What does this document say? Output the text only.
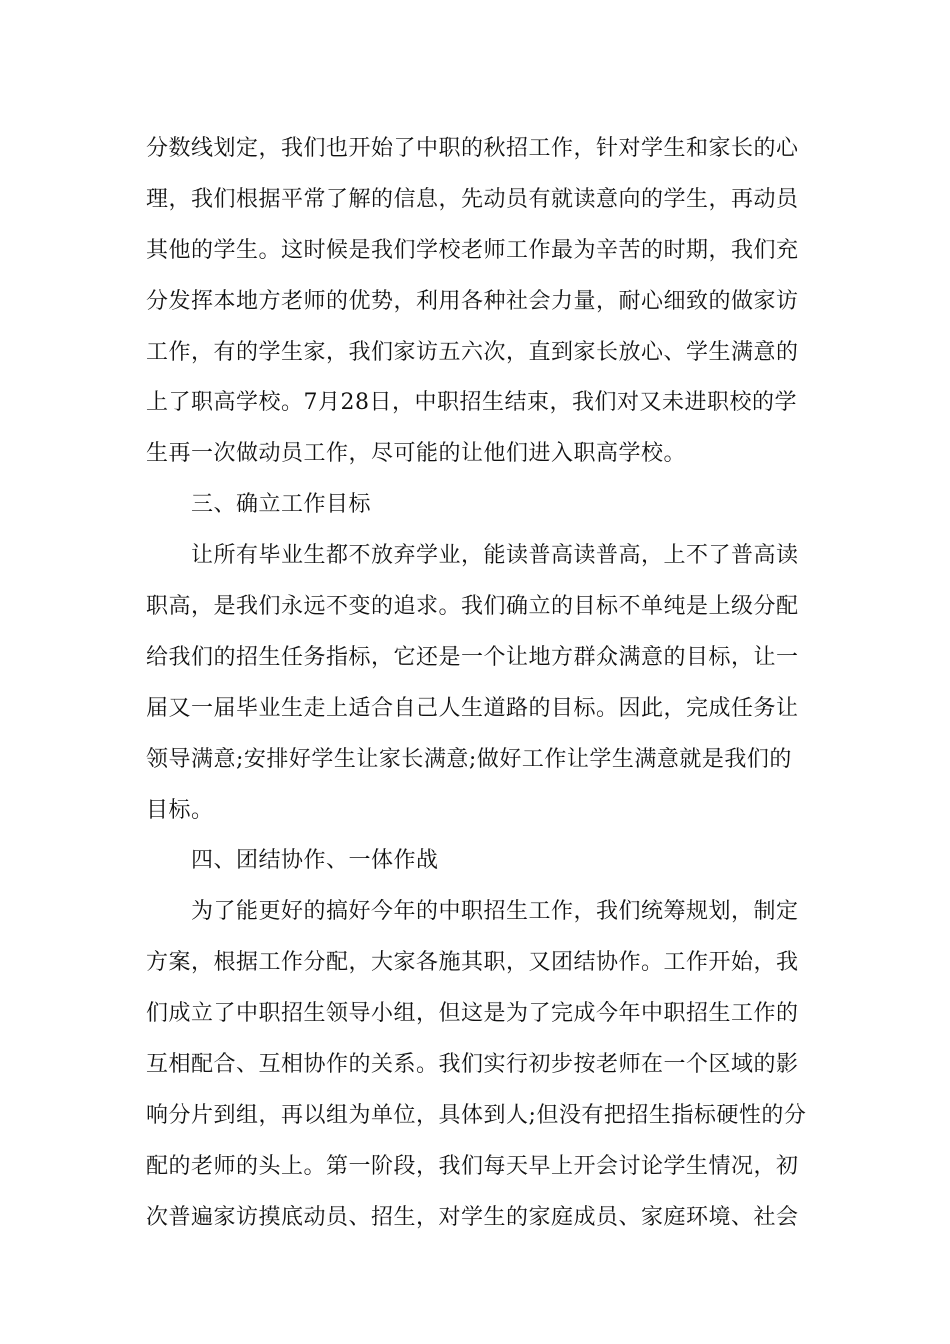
分数线划定，我们也开始了中职的秋招工作，针对学生和家长的心
理，我们根据平常了解的信息，先动员有就读意向的学生，再动员
其他的学生。这时候是我们学校老师工作最为辛苦的时期，我们充
分发挥本地方老师的优势，利用各种社会力量，耐心细致的做家访
工作，有的学生家，我们家访五六次，直到家长放心、学生满意的
上了职高学校。7月28日，中职招生结束，我们对又未进职校的学
生再一次做动员工作，尽可能的让他们进入职高学校。
三、确立工作目标
让所有毕业生都不放弃学业，能读普高读普高，上不了普高读
职高，是我们永远不变的追求。我们确立的目标不单纯是上级分配
给我们的招生任务指标，它还是一个让地方群众满意的目标，让一
届又一届毕业生走上适合自己人生道路的目标。因此，完成任务让
领导满意;安排好学生让家长满意;做好工作让学生满意就是我们的
目标。
四、团结协作、一体作战
为了能更好的搞好今年的中职招生工作，我们统筹规划，制定
方案，根据工作分配，大家各施其职，又团结协作。工作开始，我
们成立了中职招生领导小组，但这是为了完成今年中职招生工作的
互相配合、互相协作的关系。我们实行初步按老师在一个区域的影
响分片到组，再以组为单位，具体到人;但没有把招生指标硬性的分
配的老师的头上。第一阶段，我们每天早上开会讨论学生情况，初
次普遍家访摸底动员、招生，对学生的家庭成员、家庭环境、社会
